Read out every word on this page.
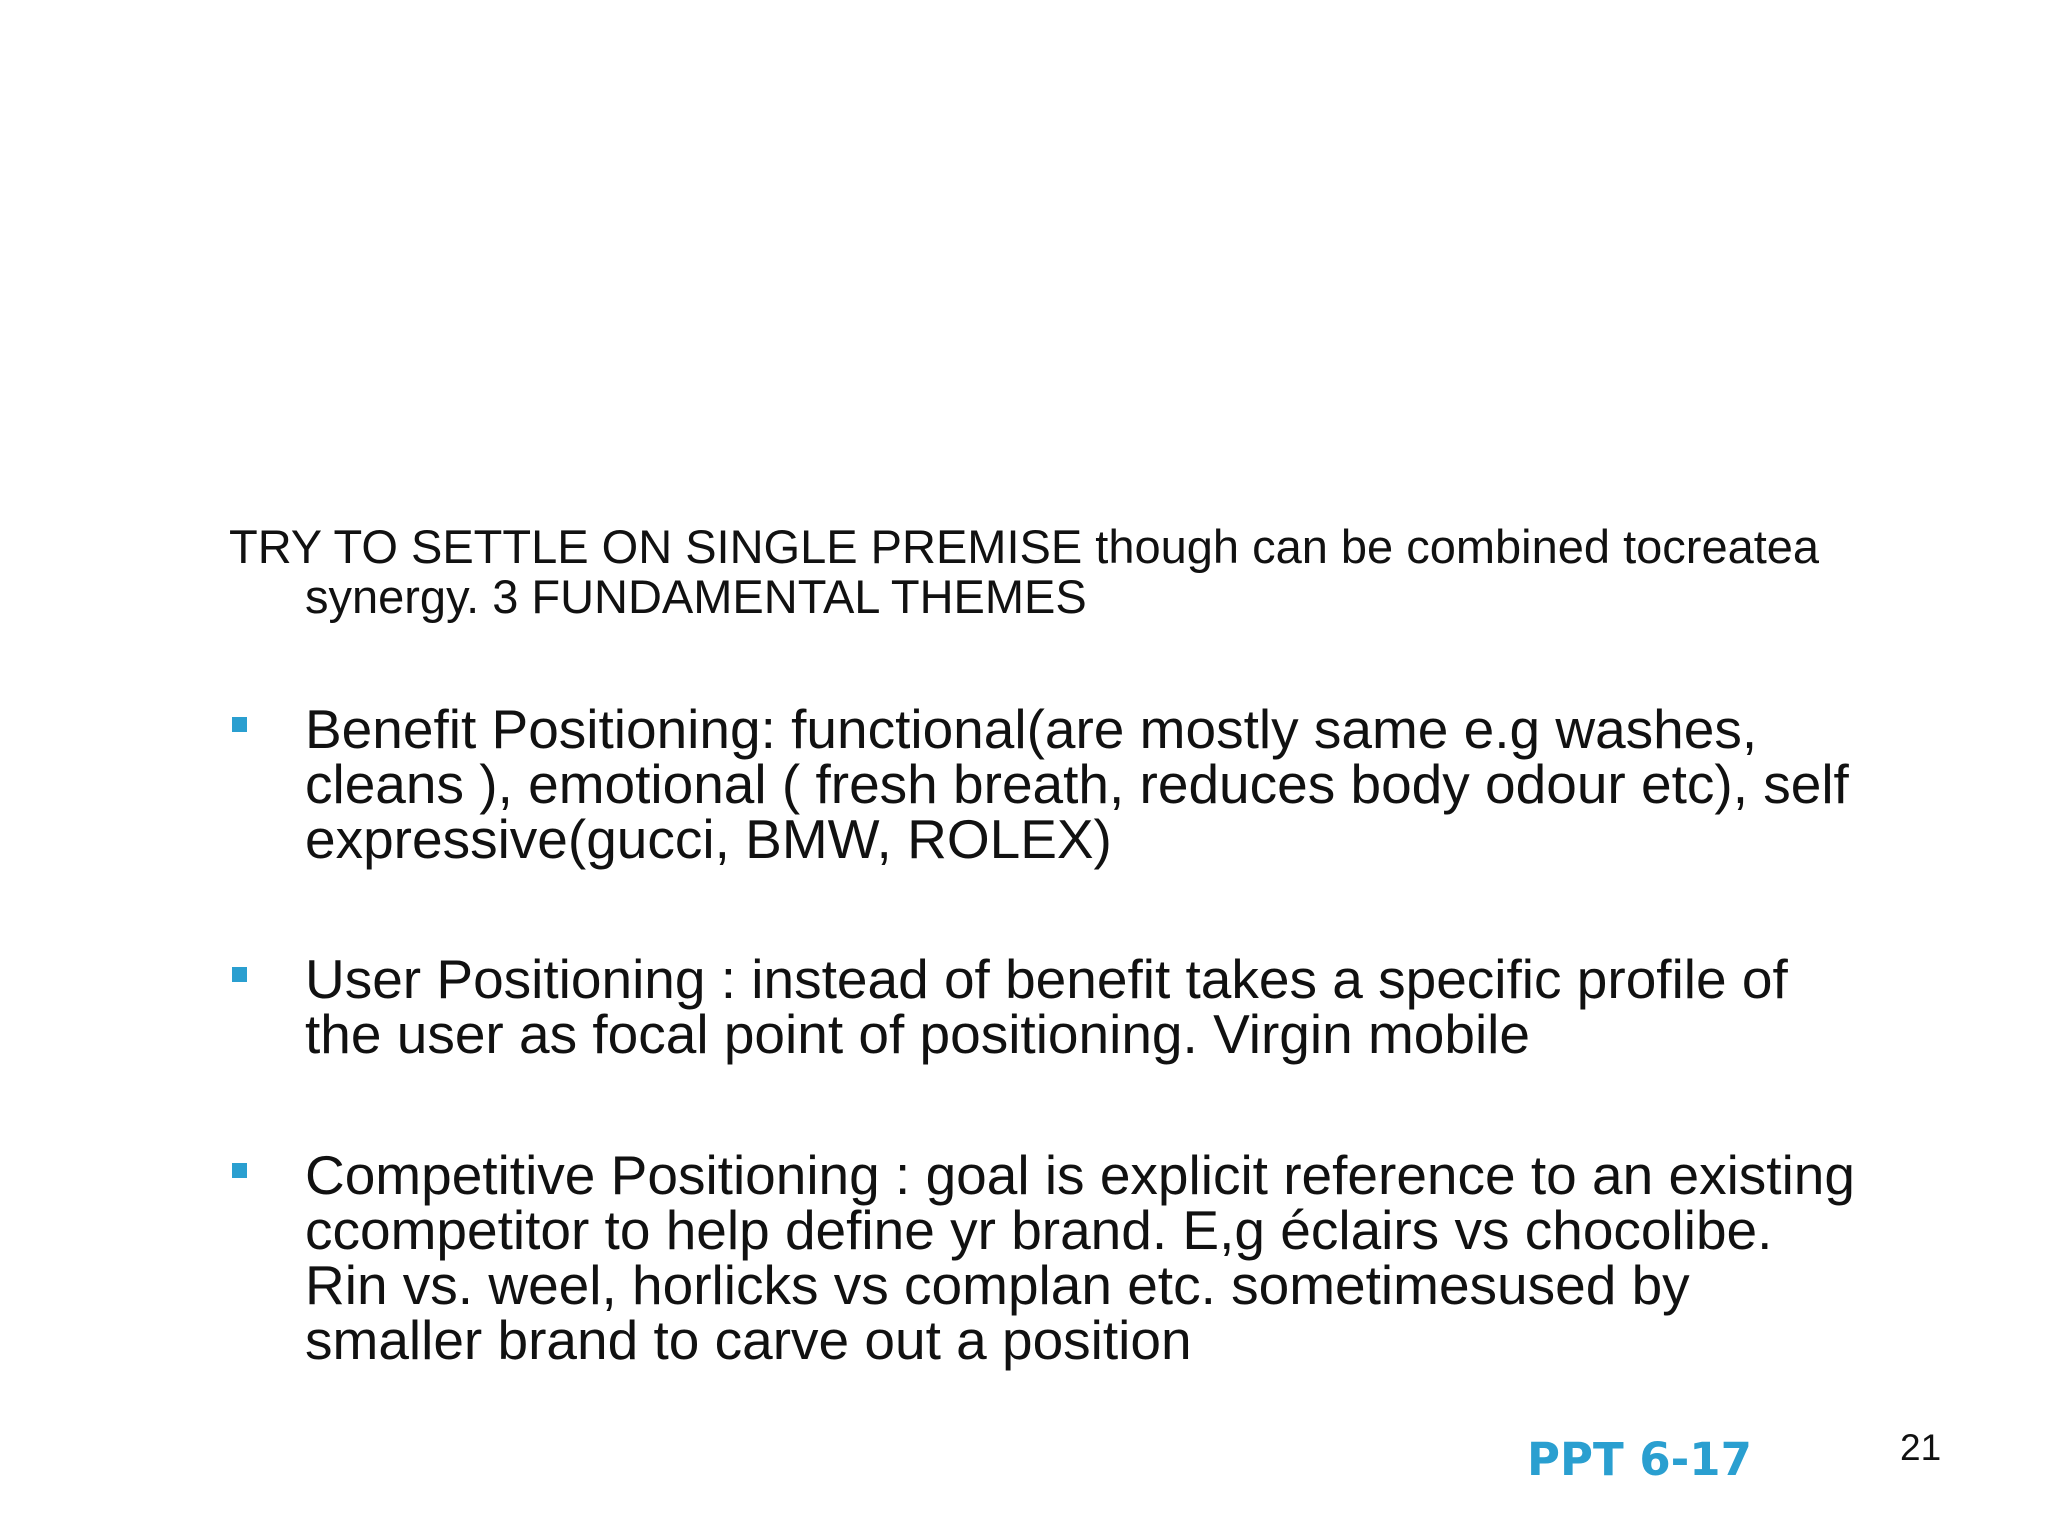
TRY TO SETTLE ON SINGLE PREMISE though can be combined tocreatea synergy. 3 FUNDAMENTAL THEMES

Benefit Positioning: functional(are mostly same e.g washes, cleans ), emotional ( fresh breath, reduces body odour etc), self expressive(gucci, BMW, ROLEX)
User Positioning : instead of benefit takes a specific profile of the user as focal point of positioning. Virgin mobile
Competitive Positioning : goal is explicit reference to an existing ccompetitor to help define yr brand. E,g éclairs vs chocolibe. Rin vs. weel, horlicks vs complan etc. sometimesused by smaller brand to carve out a position

PPT 6-17	21
